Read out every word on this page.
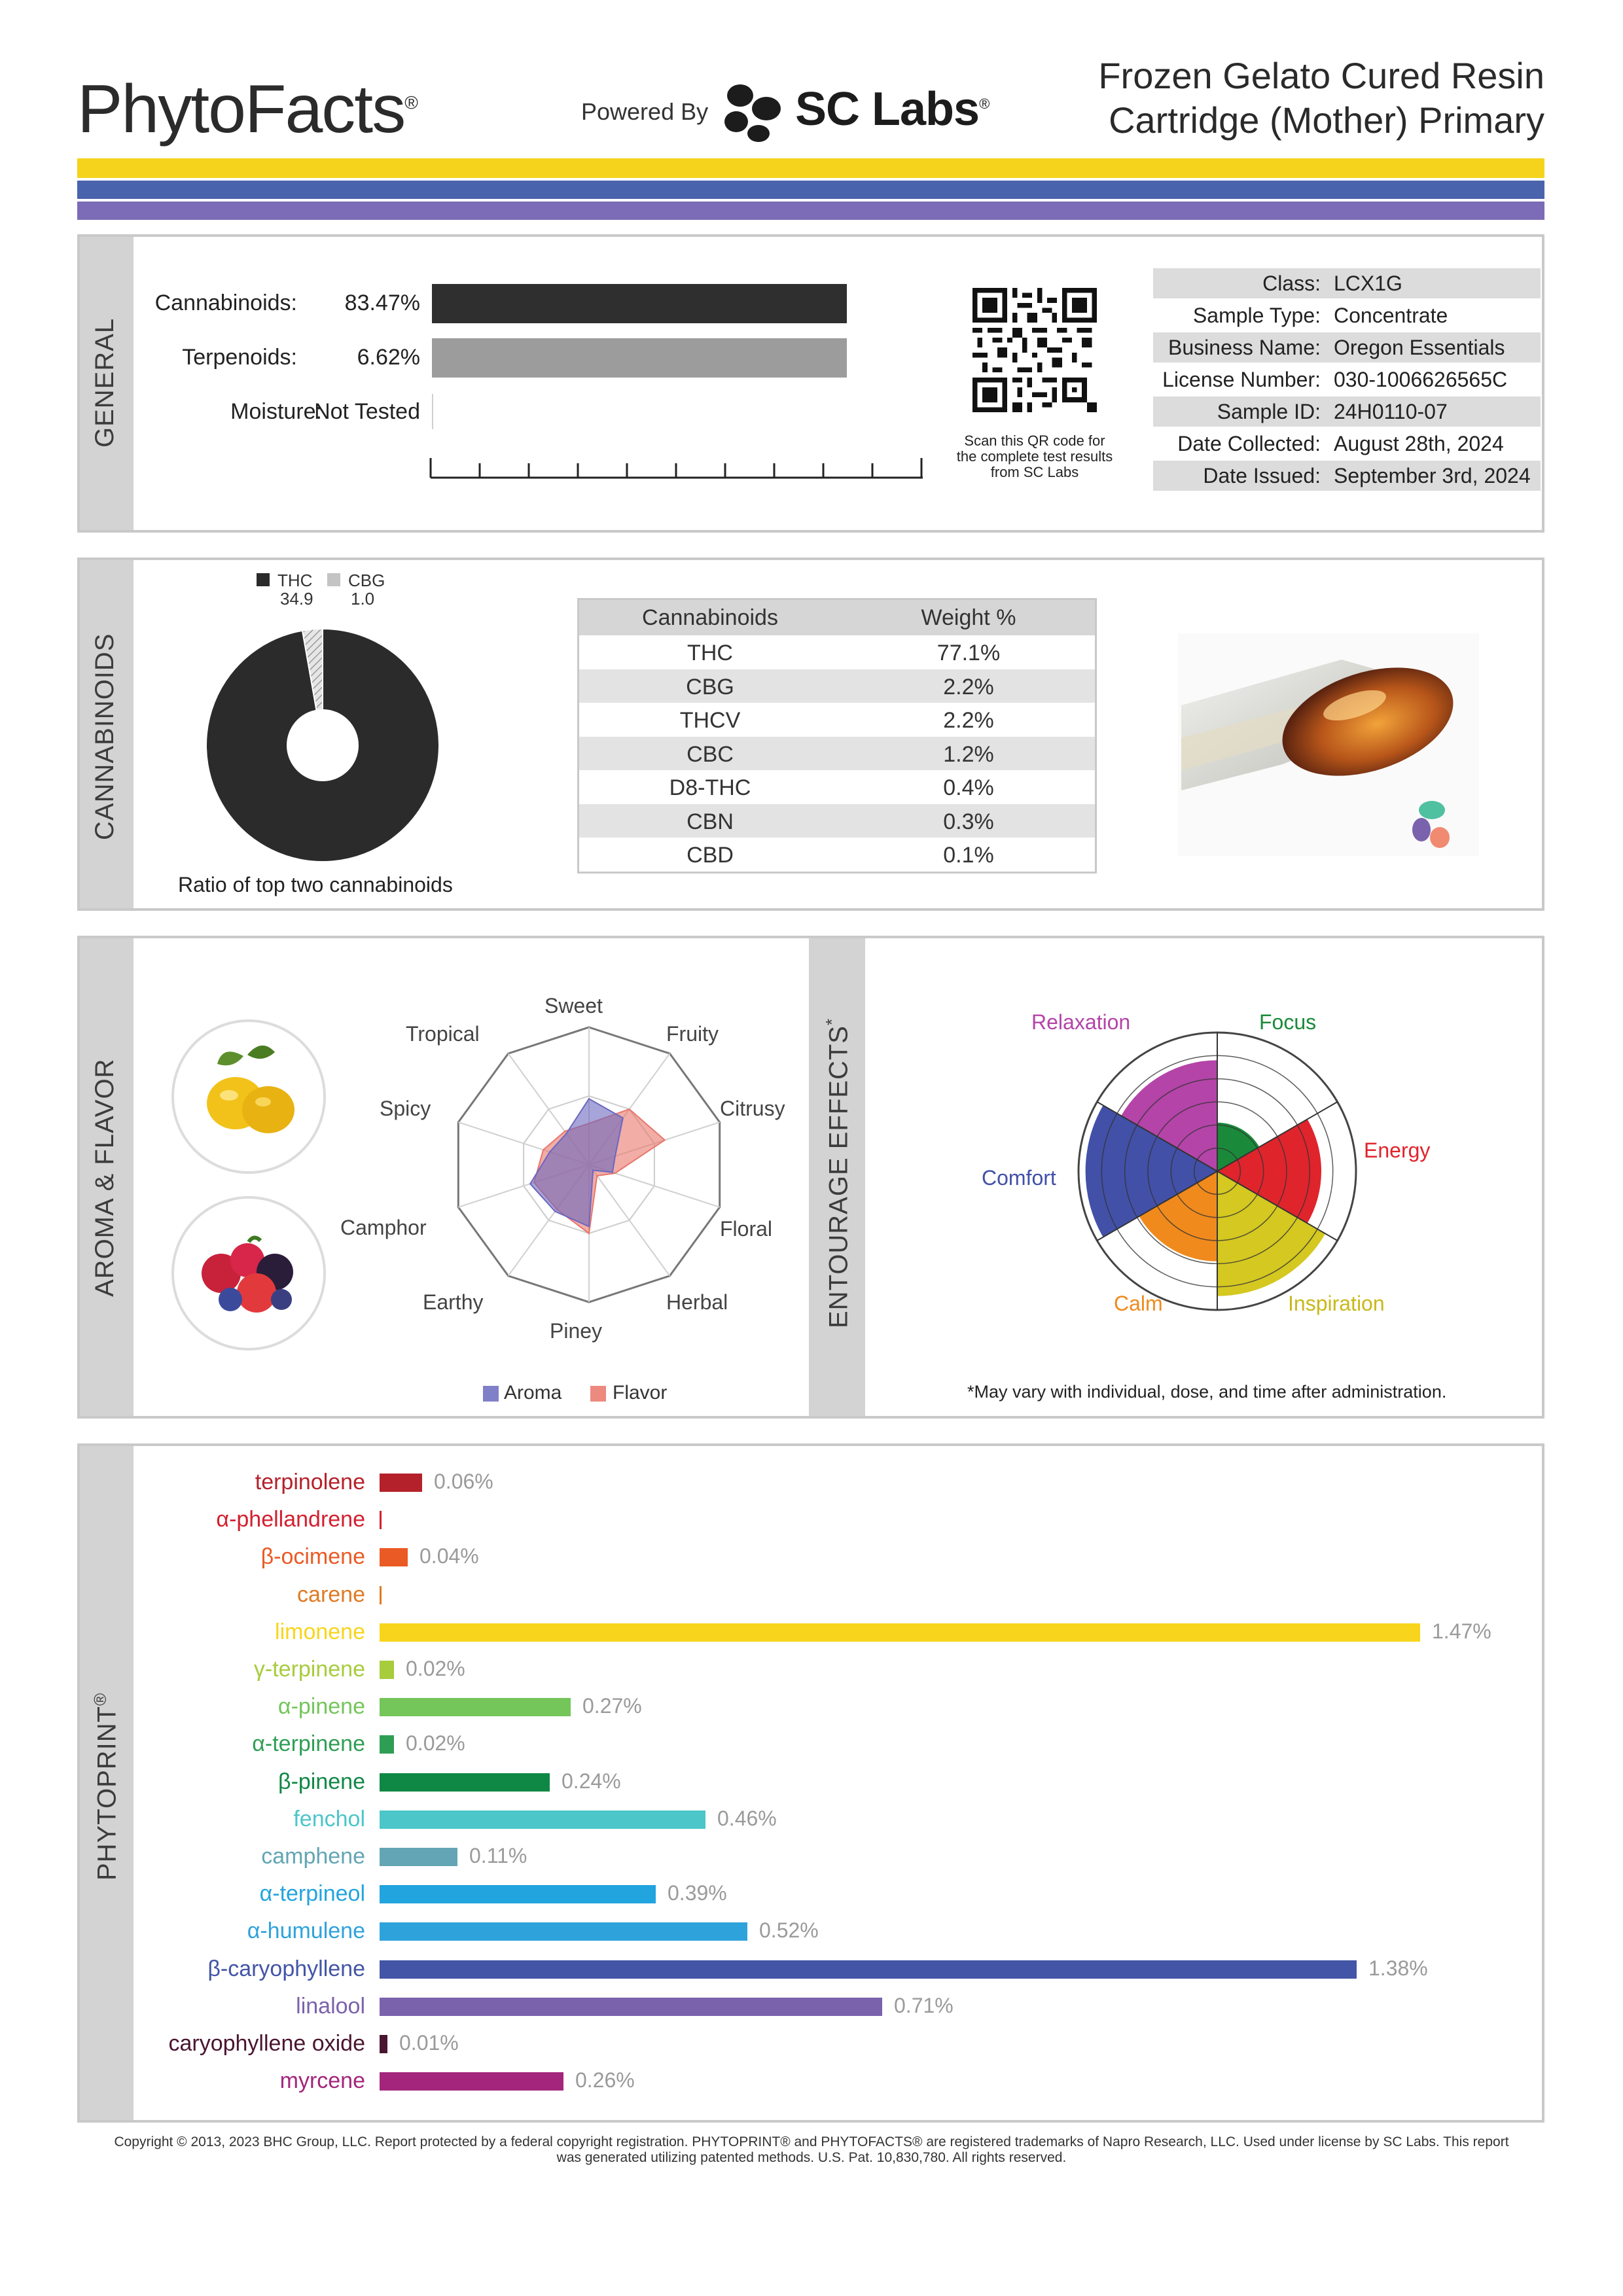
PhytoFacts®	Powered By SC Labs®
Frozen Gelato Cured Resin
Cartridge (Mother) Primary
GENERAL
Cannabinoids: 83.47%
Terpenoids:	6.62%
Moisture:
Not Tested
Scan this QR code for the complete test results from SC Labs
Class: LCX1G
Sample Type: Concentrate
Business Name: Oregon Essentials
License Number: 030-1006626565C
Sample ID: 24H0110-07
Date Collected: August 28th, 2024
Date Issued: September 3rd, 2024
CANNABINOIDS
THC
34.9
CBG
1.0
Ratio of top two cannabinoids
Cannabinoids	Weight %
THC	77.1%
CBG	2.2%
THCV	2.2%
CBC	1.2%
D8-THC	0.4%
CBN	0.3%
CBD	0.1%
AROMA & FLAVOR	ENTOURAGE EFFECTS*
Sweet
Fruity
Citrusy
Floral
Herbal
Piney
Earthy
Camphor
Spicy
Tropical
Aroma	Flavor
Relaxation	Focus
Energy
Inspiration
Calm
Comfort
*May vary with individual, dose, and time after administration.
PHYTOPRINT®
terpinolene	0.06%
α-phellandrene
β-ocimene	0.04%
carene
limonene	1.47%
γ-terpinene 0.02%
α-pinene	0.27%
α-terpinene 0.02%
β-pinene	0.24%
fenchol	0.46%
camphene	0.11%
α-terpineol	0.39%
α-humulene	0.52%
β-caryophyllene	1.38%
linalool	0.71%
caryophyllene oxide 0.01%
myrcene	0.26%
Copyright © 2013, 2023 BHC Group, LLC. Report protected by a federal copyright registration. PHYTOPRINT® and PHYTOFACTS® are registered trademarks of Napro Research, LLC. Used under license by SC Labs. This report
was generated utilizing patented methods. U.S. Pat. 10,830,780. All rights reserved.
